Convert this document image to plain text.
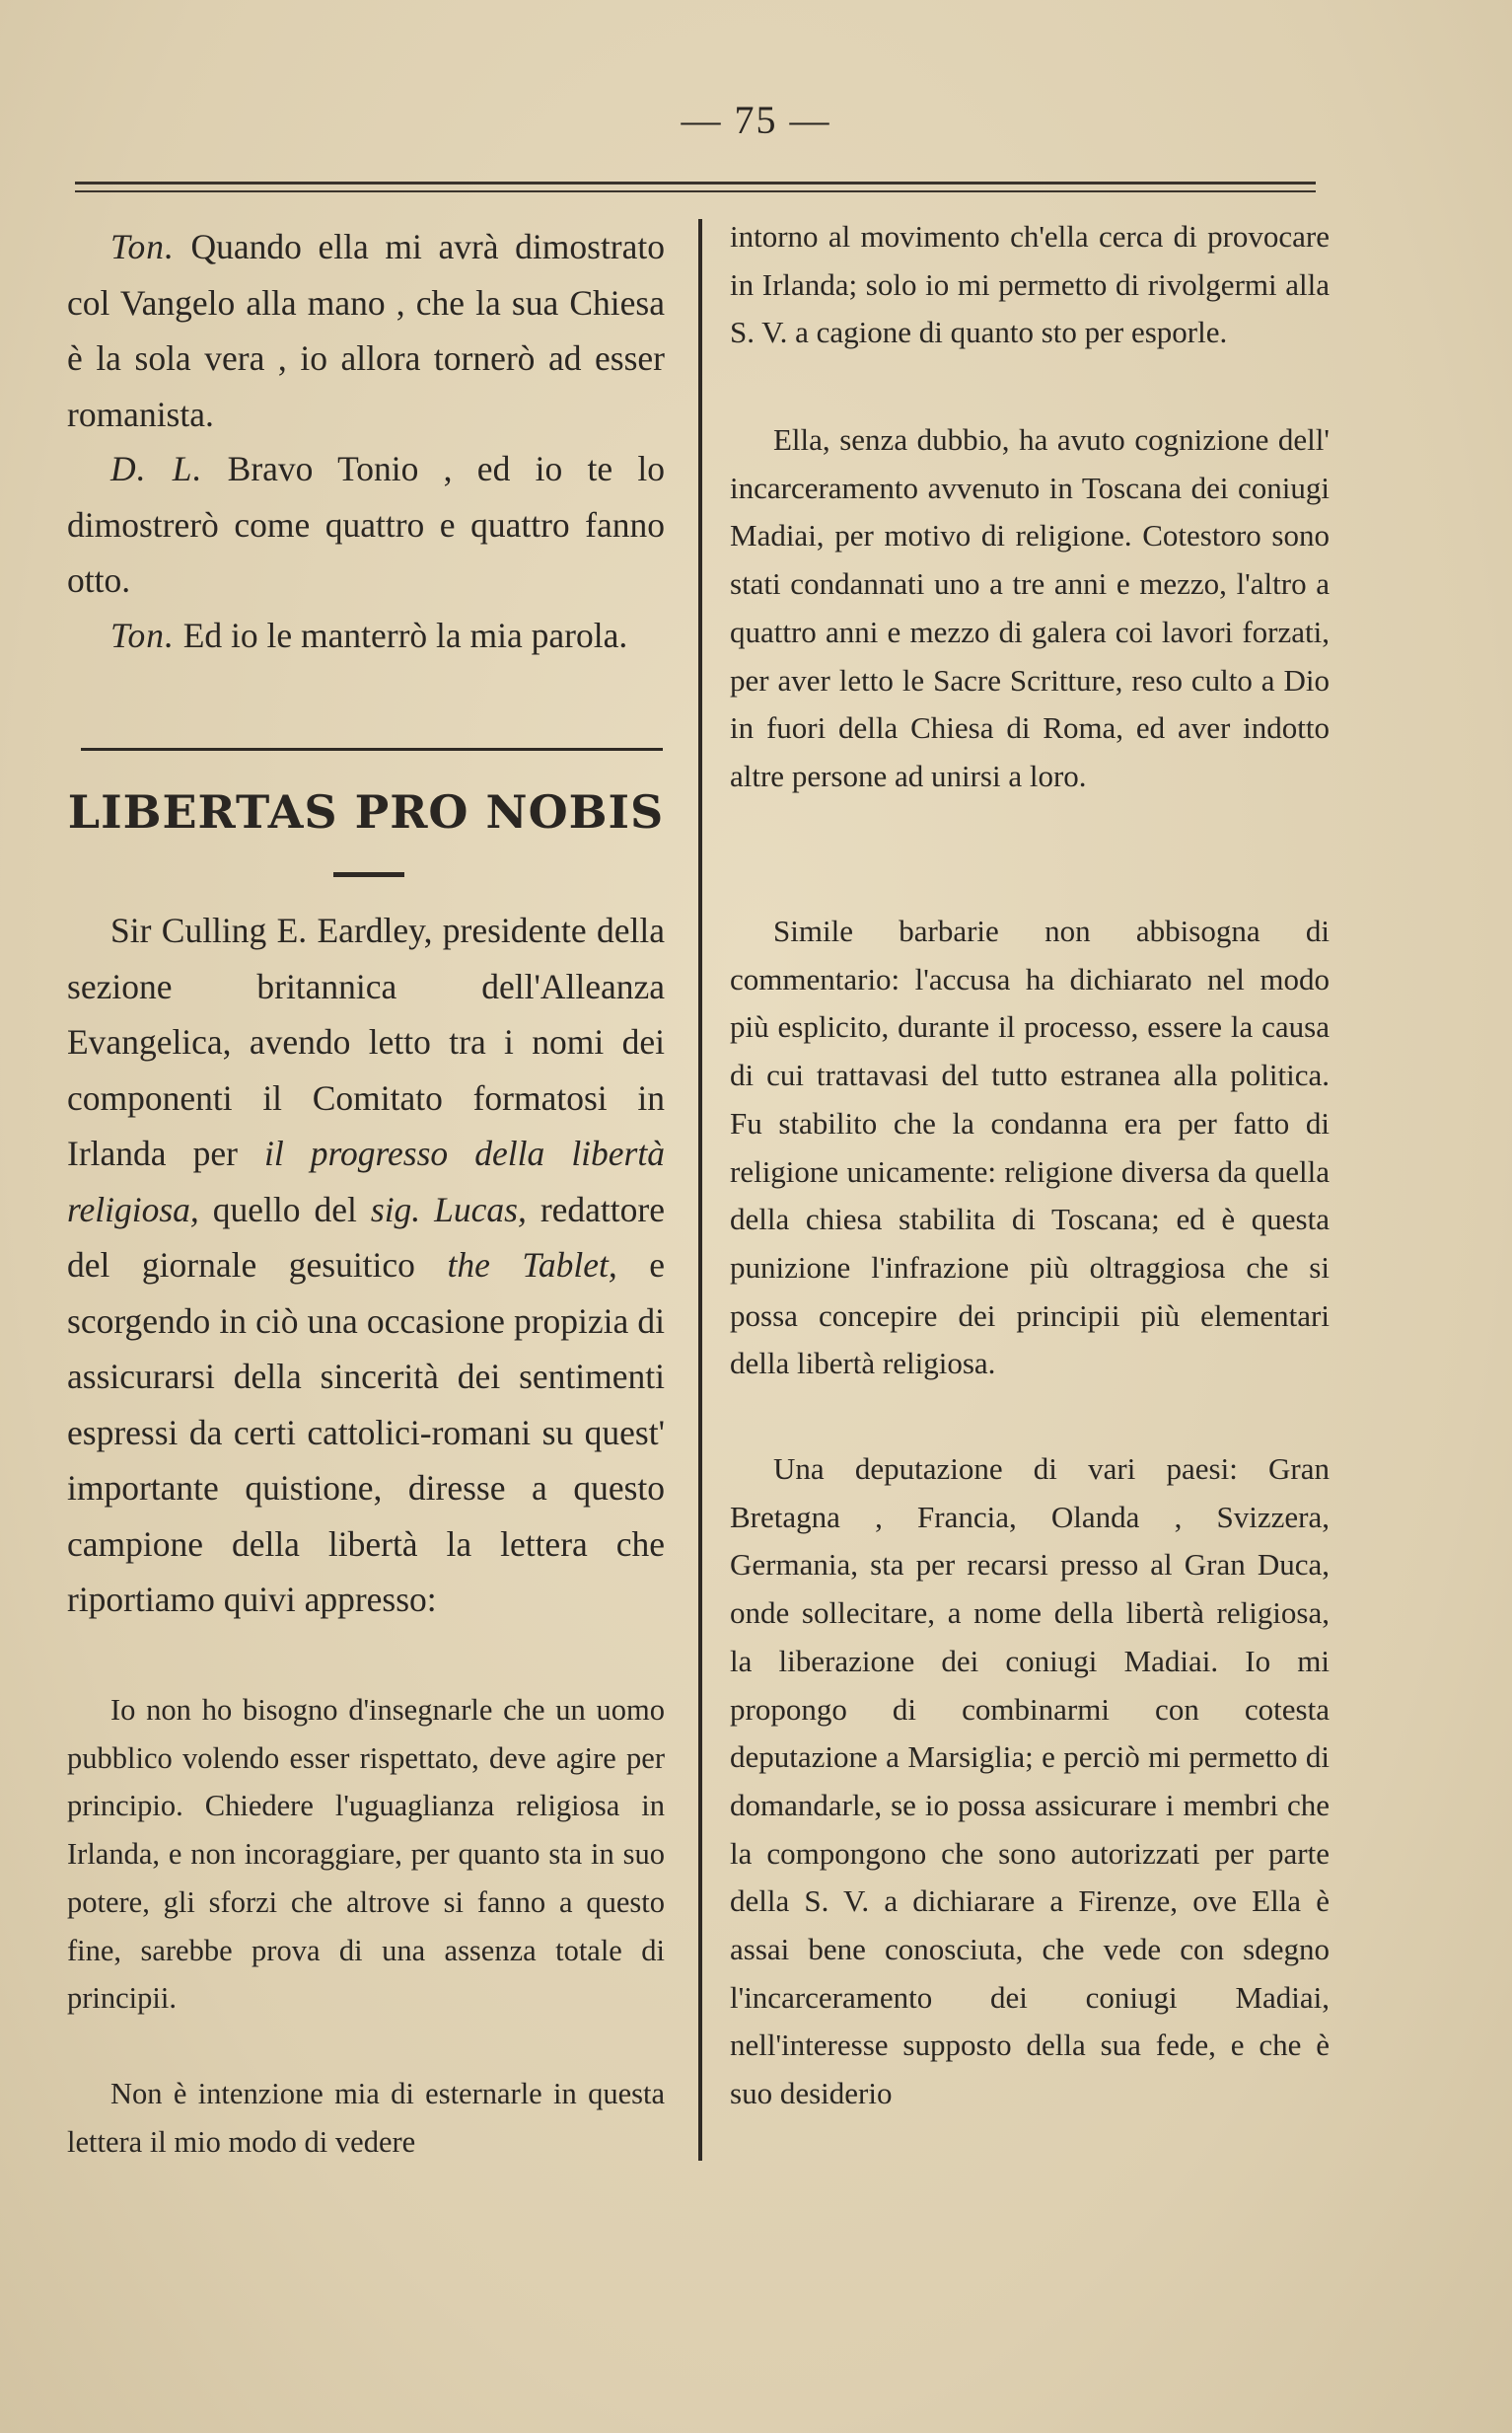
— 75 —

Ton. Quando ella mi avrà dimostrato col Vangelo alla mano , che la sua Chiesa è la sola vera , io allora tornerò ad esser romanista.

D. L. Bravo Tonio , ed io te lo dimostrerò come quattro e quattro fanno otto.

Ton. Ed io le manterrò la mia parola.

Sir Culling E. Eardley, presidente della sezione britannica dell'Alleanza Evangelica, avendo letto tra i nomi dei componenti il Comitato formatosi in Irlanda per il progresso della libertà religiosa, quello del sig. Lucas, redattore del giornale gesuitico the Tablet, e scorgendo in ciò una occasione propizia di assicurarsi della sincerità dei sentimenti espressi da certi cattolici-romani su quest' importante quistione, diresse a questo campione della libertà la lettera che riportiamo quivi appresso:

Io non ho bisogno d'insegnarle che un uomo pubblico volendo esser rispettato, deve agire per principio. Chiedere l'uguaglianza religiosa in Irlanda, e non incoraggiare, per quanto sta in suo potere, gli sforzi che altrove si fanno a questo fine, sarebbe prova di una assenza totale di principii.

Non è intenzione mia di esternarle in questa lettera il mio modo di vedere

LIBERTAS PRO NOBIS

intorno al movimento ch'ella cerca di provocare in Irlanda; solo io mi permetto di rivolgermi alla S. V. a cagione di quanto sto per esporle.

Ella, senza dubbio, ha avuto cognizione dell' incarceramento avvenuto in Toscana dei coniugi Madiai, per motivo di religione. Cotestoro sono stati condannati uno a tre anni e mezzo, l'altro a quattro anni e mezzo di galera coi lavori forzati, per aver letto le Sacre Scritture, reso culto a Dio in fuori della Chiesa di Roma, ed aver indotto altre persone ad unirsi a loro.

Simile barbarie non abbisogna di commentario: l'accusa ha dichiarato nel modo più esplicito, durante il processo, essere la causa di cui trattavasi del tutto estranea alla politica. Fu stabilito che la condanna era per fatto di religione unicamente: religione diversa da quella della chiesa stabilita di Toscana; ed è questa punizione l'infrazione più oltraggiosa che si possa concepire dei principii più elementari della libertà religiosa.

Una deputazione di vari paesi: Gran Bretagna , Francia, Olanda , Svizzera, Germania, sta per recarsi presso al Gran Duca, onde sollecitare, a nome della libertà religiosa, la liberazione dei coniugi Madiai. Io mi propongo di combinarmi con cotesta deputazione a Marsiglia; e perciò mi permetto di domandarle, se io possa assicurare i membri che la compongono che sono autorizzati per parte della S. V. a dichiarare a Firenze, ove Ella è assai bene conosciuta, che vede con sdegno l'incarceramento dei coniugi Madiai, nell'interesse supposto della sua fede, e che è suo desiderio
